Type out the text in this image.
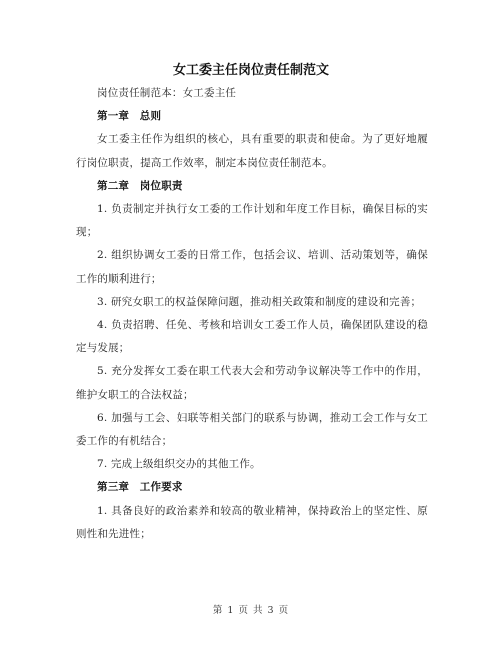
女工委主任岗位责任制范文

岗位责任制范本：女工委主任

第一章　总则

女工委主任作为组织的核心，具有重要的职责和使命。为了更好地履行岗位职责，提高工作效率，制定本岗位责任制范本。

第二章　岗位职责

1. 负责制定并执行女工委的工作计划和年度工作目标，确保目标的实现；

2. 组织协调女工委的日常工作，包括会议、培训、活动策划等，确保工作的顺利进行；

3. 研究女职工的权益保障问题，推动相关政策和制度的建设和完善；

4. 负责招聘、任免、考核和培训女工委工作人员，确保团队建设的稳定与发展；

5. 充分发挥女工委在职工代表大会和劳动争议解决等工作中的作用，维护女职工的合法权益；

6. 加强与工会、妇联等相关部门的联系与协调，推动工会工作与女工委工作的有机结合；

7. 完成上级组织交办的其他工作。

第三章　工作要求

1. 具备良好的政治素养和较高的敬业精神，保持政治上的坚定性、原则性和先进性；

第 1 页 共 3 页
